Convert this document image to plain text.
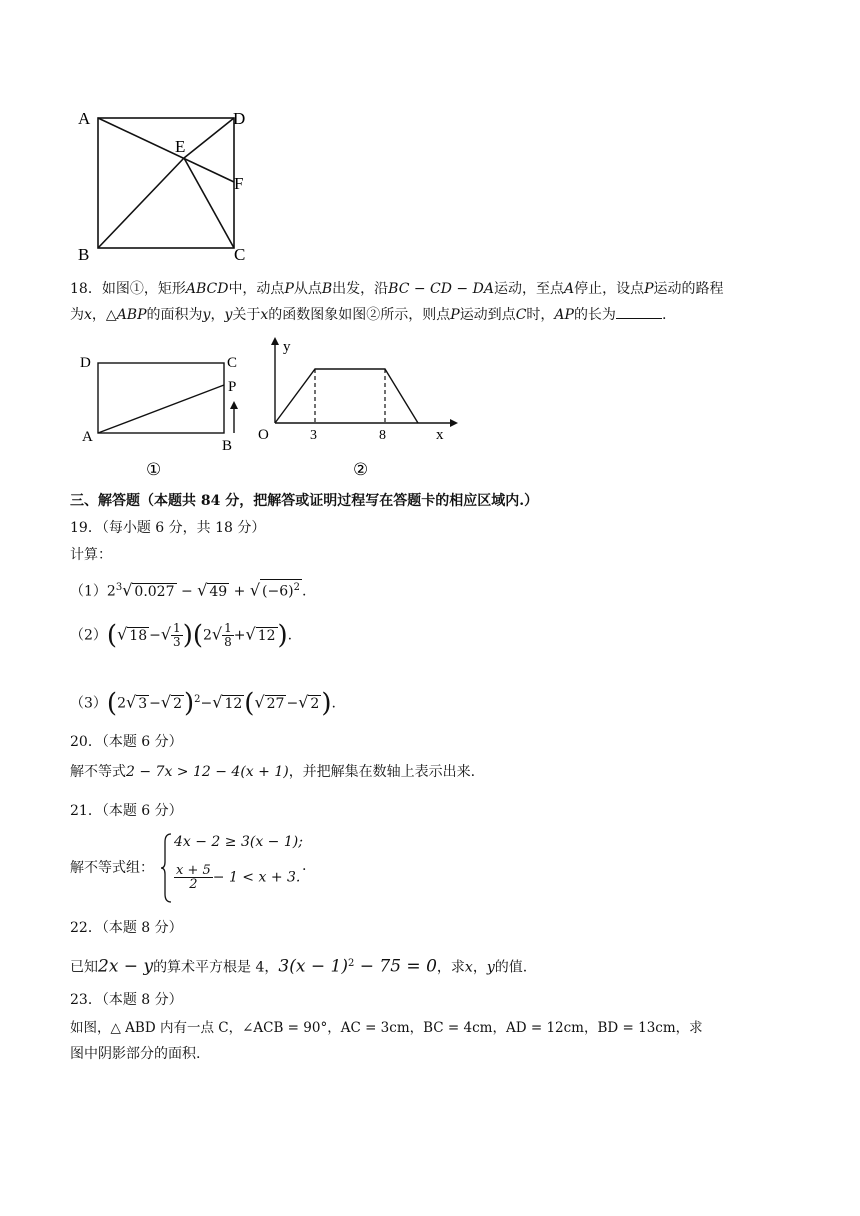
A	D
E
F
B	C
18．如图①，矩形ABCD中，动点P从点B出发，沿BC − CD − DA运动，至点A停止，设点P运动的路程
为x，△ABP的面积为y，y关于x的函数图象如图②所示，则点P运动到点C时，AP的长为	.
D	C
P
A
B
①
y
O	3	8	x
②
三、解答题（本题共 84 分，把解答或证明过程写在答题卡的相应区域内.）
19．（每小题 6 分，共 18 分）
计算：
$(1)2^3√$ 0.027 − √ 49 + √ $(-6)^2$ .
（2）(√ 18 −√ $\frac{1}{3} )(2√ \frac{1}{8}$ +√ 12).
（3）(2√ 3 −√ 2)$^2$−√ 12(√ 27 −√ 2).
20．（本题 6 分）
解不等式2 − 7x > 12 − 4(x + 1)，并把解集在数轴上表示出来.
21．（本题 6 分）
解不等式组：
4x − 2 ≥ 3(x − 1);
$\frac{x + 5}{2} - 1 < x + 3$.
.
22．（本题 8 分）
已知2x − y的算术平方根是 4，$3(x - 1)^2 - 75 = 0$，求x，y的值.
23．（本题 8 分）
如图，△ ABD 内有一点 C，∠ACB = 90°，AC = 3cm，BC = 4cm，AD = 12cm，BD = 13cm，求
图中阴影部分的面积.
